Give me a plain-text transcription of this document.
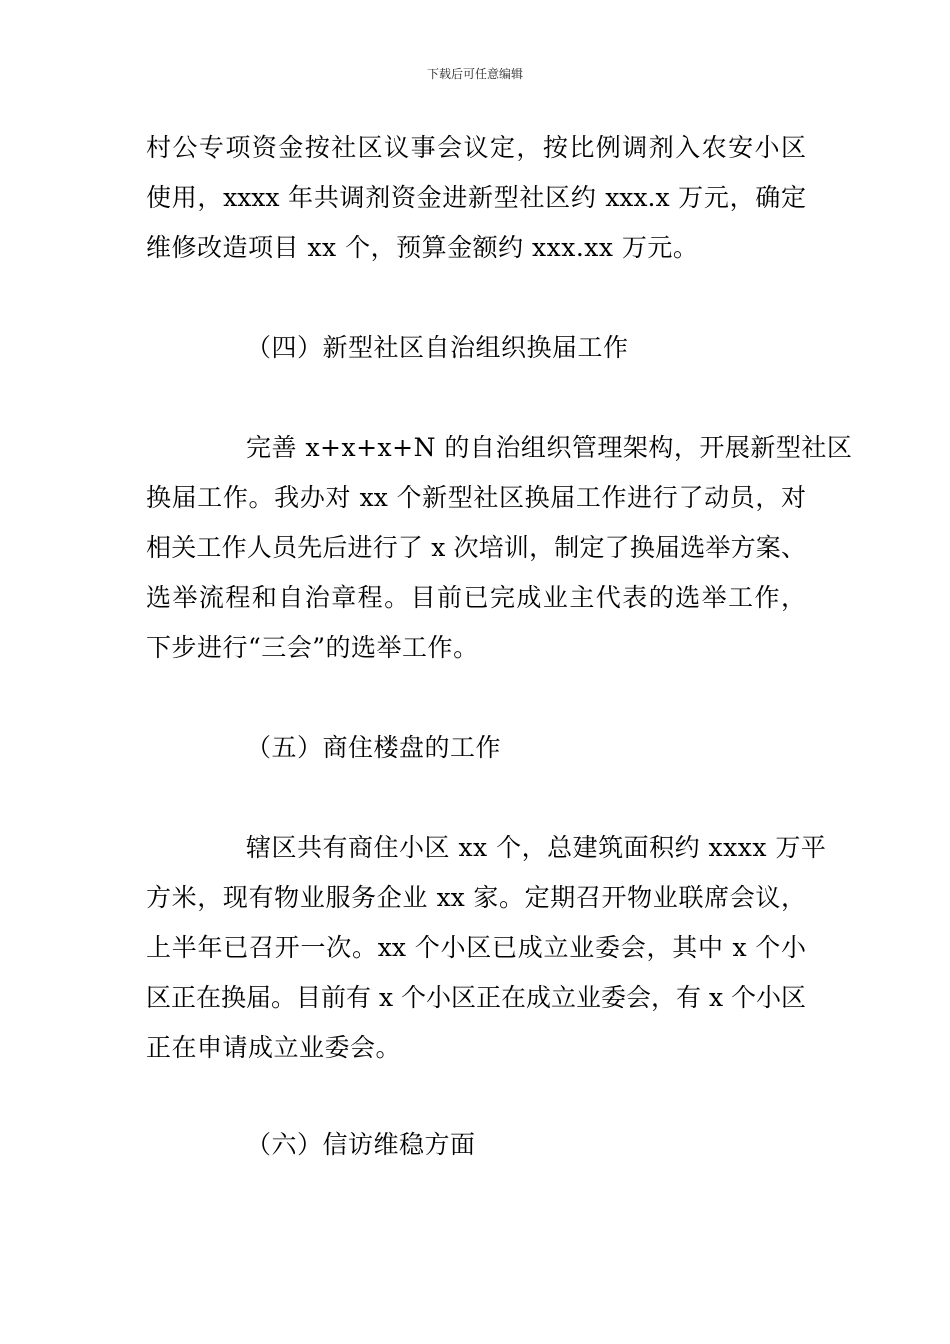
下载后可任意编辑
村公专项资金按社区议事会议定，按比例调剂入农安小区
使用，xxxx 年共调剂资金进新型社区约 xxx.x 万元，确定
维修改造项目 xx 个，预算金额约 xxx.xx 万元。
（四）新型社区自治组织换届工作
完善 x+x+x+N 的自治组织管理架构，开展新型社区
换届工作。我办对 xx 个新型社区换届工作进行了动员，对
相关工作人员先后进行了 x 次培训，制定了换届选举方案、
选举流程和自治章程。目前已完成业主代表的选举工作，
下步进行“三会”的选举工作。
（五）商住楼盘的工作
辖区共有商住小区 xx 个，总建筑面积约 xxxx 万平
方米，现有物业服务企业 xx 家。定期召开物业联席会议，
上半年已召开一次。xx 个小区已成立业委会，其中 x 个小
区正在换届。目前有 x 个小区正在成立业委会，有 x 个小区
正在申请成立业委会。
（六）信访维稳方面
